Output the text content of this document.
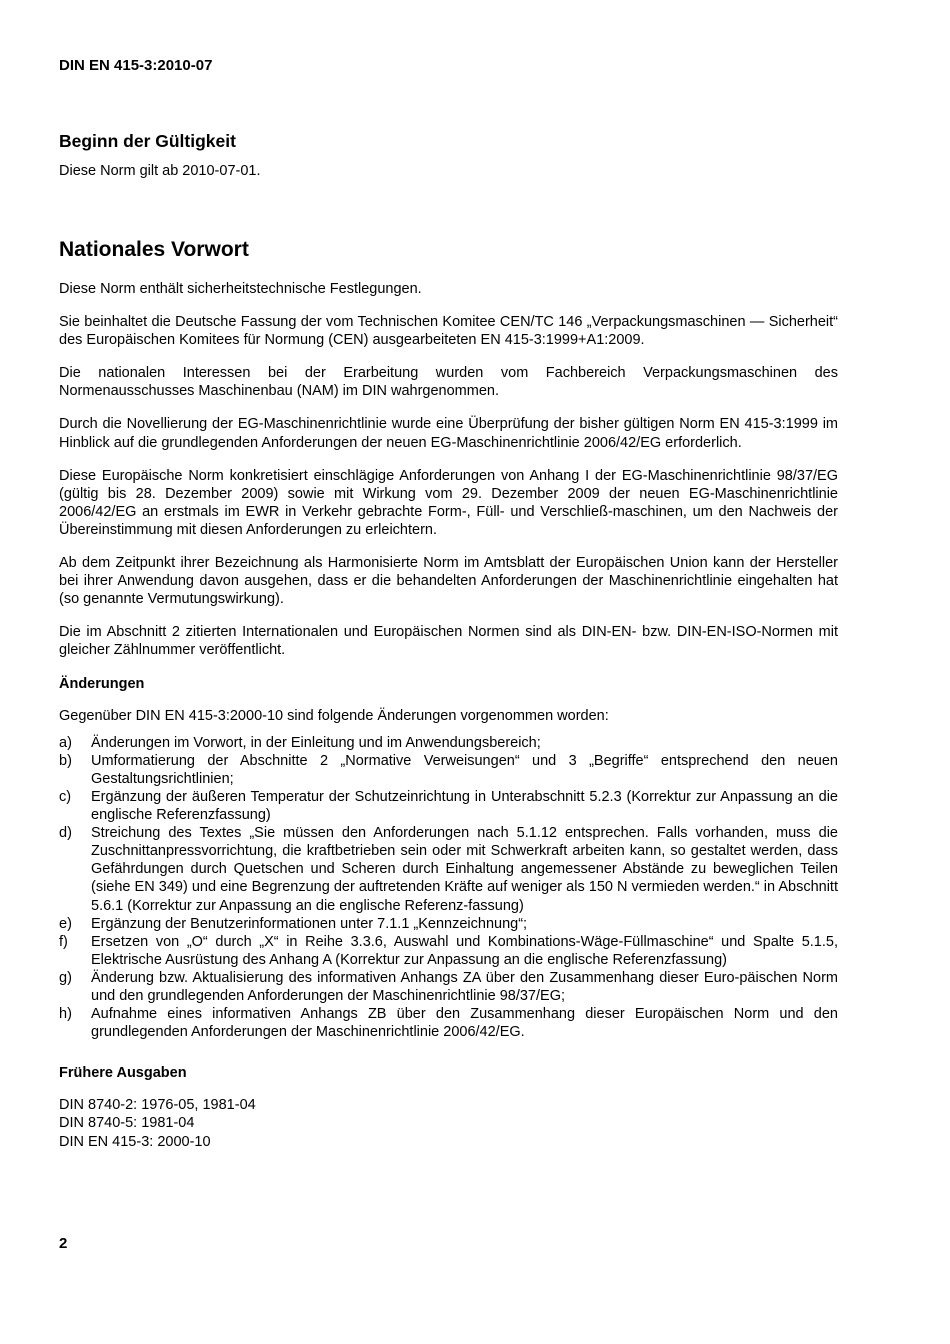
DIN EN 415-3:2010-07
Beginn der Gültigkeit

Diese Norm gilt ab 2010-07-01.

Nationales Vorwort

Diese Norm enthält sicherheitstechnische Festlegungen.

Sie beinhaltet die Deutsche Fassung der vom Technischen Komitee CEN/TC 146 „Verpackungsmaschinen — Sicherheit“ des Europäischen Komitees für Normung (CEN) ausgearbeiteten EN 415-3:1999+A1:2009.

Die nationalen Interessen bei der Erarbeitung wurden vom Fachbereich Verpackungsmaschinen des Normenausschusses Maschinenbau (NAM) im DIN wahrgenommen.

Durch die Novellierung der EG-Maschinenrichtlinie wurde eine Überprüfung der bisher gültigen Norm EN 415-3:1999 im Hinblick auf die grundlegenden Anforderungen der neuen EG-Maschinenrichtlinie 2006/42/EG erforderlich.

Diese Europäische Norm konkretisiert einschlägige Anforderungen von Anhang I der EG-Maschinenrichtlinie 98/37/EG (gültig bis 28. Dezember 2009) sowie mit Wirkung vom 29. Dezember 2009 der neuen EG-Maschinenrichtlinie 2006/42/EG an erstmals im EWR in Verkehr gebrachte Form-, Füll- und Verschließ-maschinen, um den Nachweis der Übereinstimmung mit diesen Anforderungen zu erleichtern.

Ab dem Zeitpunkt ihrer Bezeichnung als Harmonisierte Norm im Amtsblatt der Europäischen Union kann der Hersteller bei ihrer Anwendung davon ausgehen, dass er die behandelten Anforderungen der Maschinenrichtlinie eingehalten hat (so genannte Vermutungswirkung).

Die im Abschnitt 2 zitierten Internationalen und Europäischen Normen sind als DIN-EN- bzw. DIN-EN-ISO-Normen mit gleicher Zählnummer veröffentlicht.

Änderungen

Gegenüber DIN EN 415-3:2000-10 sind folgende Änderungen vorgenommen worden:

a)	Änderungen im Vorwort, in der Einleitung und im Anwendungsbereich;
b)	Umformatierung der Abschnitte 2 „Normative Verweisungen“ und 3 „Begriffe“ entsprechend den neuen Gestaltungsrichtlinien;
c)	Ergänzung der äußeren Temperatur der Schutzeinrichtung in Unterabschnitt 5.2.3 (Korrektur zur Anpassung an die englische Referenzfassung)
d)	Streichung des Textes „Sie müssen den Anforderungen nach 5.1.12 entsprechen. Falls vorhanden, muss die Zuschnittanpressvorrichtung, die kraftbetrieben sein oder mit Schwerkraft arbeiten kann, so gestaltet werden, dass Gefährdungen durch Quetschen und Scheren durch Einhaltung angemessener Abstände zu beweglichen Teilen (siehe EN 349) und eine Begrenzung der auftretenden Kräfte auf weniger als 150 N vermieden werden.“ in Abschnitt 5.6.1 (Korrektur zur Anpassung an die englische Referenz-fassung)
e)	Ergänzung der Benutzerinformationen unter 7.1.1 „Kennzeichnung“;
f)	Ersetzen von „O“ durch „X“ in Reihe 3.3.6, Auswahl und Kombinations-Wäge-Füllmaschine“ und Spalte 5.1.5, Elektrische Ausrüstung des Anhang A (Korrektur zur Anpassung an die englische Referenzfassung)
g)	Änderung bzw. Aktualisierung des informativen Anhangs ZA über den Zusammenhang dieser Euro-päischen Norm und den grundlegenden Anforderungen der Maschinenrichtlinie 98/37/EG;
h)	Aufnahme eines informativen Anhangs ZB über den Zusammenhang dieser Europäischen Norm und den grundlegenden Anforderungen der Maschinenrichtlinie 2006/42/EG.

Frühere Ausgaben

DIN 8740-2: 1976-05, 1981-04
DIN 8740-5: 1981-04
DIN EN 415-3: 2000-10

2
